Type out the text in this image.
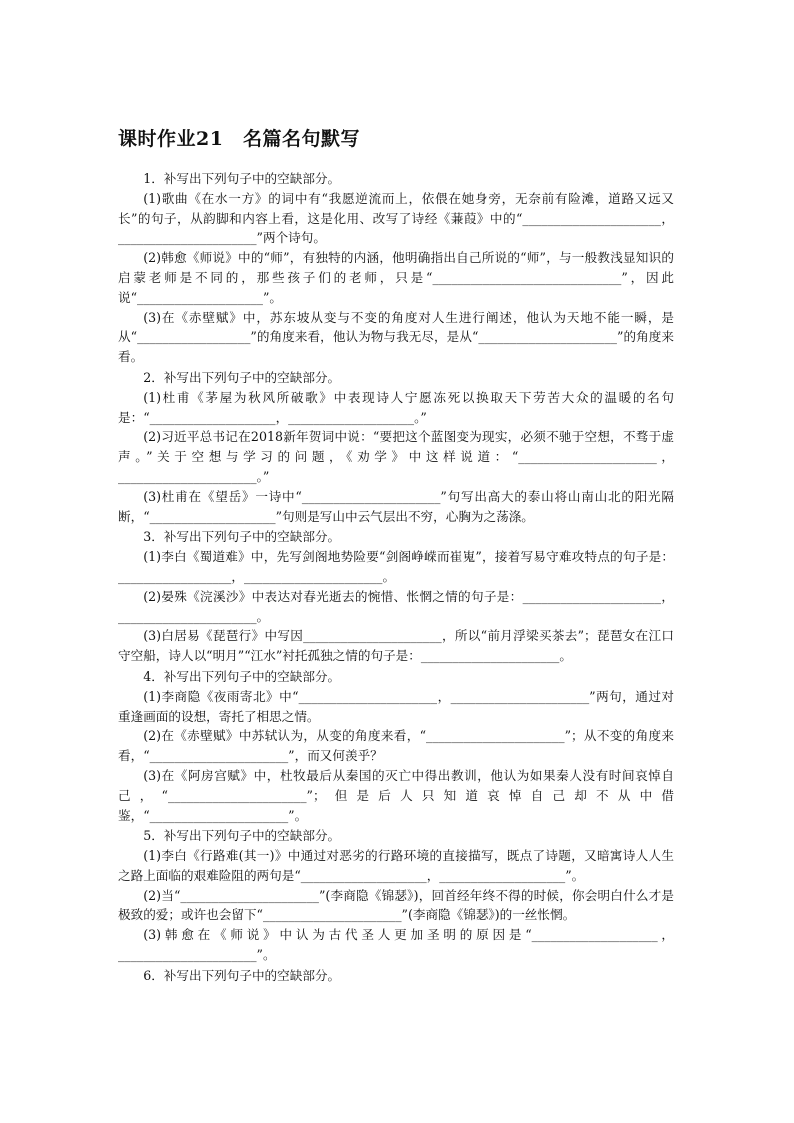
课时作业21　名篇名句默写

1．补写出下列句子中的空缺部分。

(1)歌曲《在水一方》的词中有“我愿逆流而上，依偎在她身旁，无奈前有险滩，道路又远又长”的句子，从韵脚和内容上看，这是化用、改写了诗经《蒹葭》中的“______________________，______________________”两个诗句。

(2)韩愈《师说》中的“师”，有独特的内涵，他明确指出自己所说的“师”，与一般教浅显知识的启蒙老师是不同的，那些孩子们的老师，只是“______________________________”，因此说“____________________”。

(3)在《赤壁赋》中，苏东坡从变与不变的角度对人生进行阐述，他认为天地不能一瞬，是从“__________________”的角度来看，他认为物与我无尽，是从“______________________”的角度来看。

2．补写出下列句子中的空缺部分。

(1)杜甫《茅屋为秋风所破歌》中表现诗人宁愿冻死以换取天下劳苦大众的温暖的名句是：“____________________，____________________。”

(2)习近平总书记在2018新年贺词中说：“要把这个蓝图变为现实，必须不驰于空想，不骛于虚声。”关于空想与学习的问题，《劝学》中这样说道：“______________________，______________________。”

(3)杜甫在《望岳》一诗中“______________________”句写出高大的泰山将山南山北的阳光隔断，“____________________”句则是写山中云气层出不穷，心胸为之荡涤。

3．补写出下列句子中的空缺部分。

(1)李白《蜀道难》中，先写剑阁地势险要“剑阁峥嵘而崔嵬”，接着写易守难攻特点的句子是：__________________，______________________。

(2)晏殊《浣溪沙》中表达对春光逝去的惋惜、怅惘之情的句子是：______________________，______________________。

(3)白居易《琵琶行》中写因______________________，所以“前月浮梁买茶去”；琵琶女在江口守空船，诗人以“明月”“江水”衬托孤独之情的句子是：______________________。

4．补写出下列句子中的空缺部分。

(1)李商隐《夜雨寄北》中“______________________，______________________”两句，通过对重逢画面的设想，寄托了相思之情。

(2)在《赤壁赋》中苏轼认为，从变的角度来看，“______________________”；从不变的角度来看，“______________________”，而又何羡乎？

(3)在《阿房宫赋》中，杜牧最后从秦国的灭亡中得出教训，他认为如果秦人没有时间哀悼自己，“______________________”；但是后人只知道哀悼自己却不从中借鉴，“______________________”。

5．补写出下列句子中的空缺部分。

(1)李白《行路难(其一)》中通过对恶劣的行路环境的直接描写，既点了诗题，又暗寓诗人人生之路上面临的艰难险阻的两句是“____________________，____________________”。

(2)当“______________________”(李商隐《锦瑟》)，回首经年终不得的时候，你会明白什么才是极致的爱；或许也会留下“______________________”(李商隐《锦瑟》)的一丝怅惘。

(3)韩愈在《师说》中认为古代圣人更加圣明的原因是“____________________，______________________”。

6．补写出下列句子中的空缺部分。
